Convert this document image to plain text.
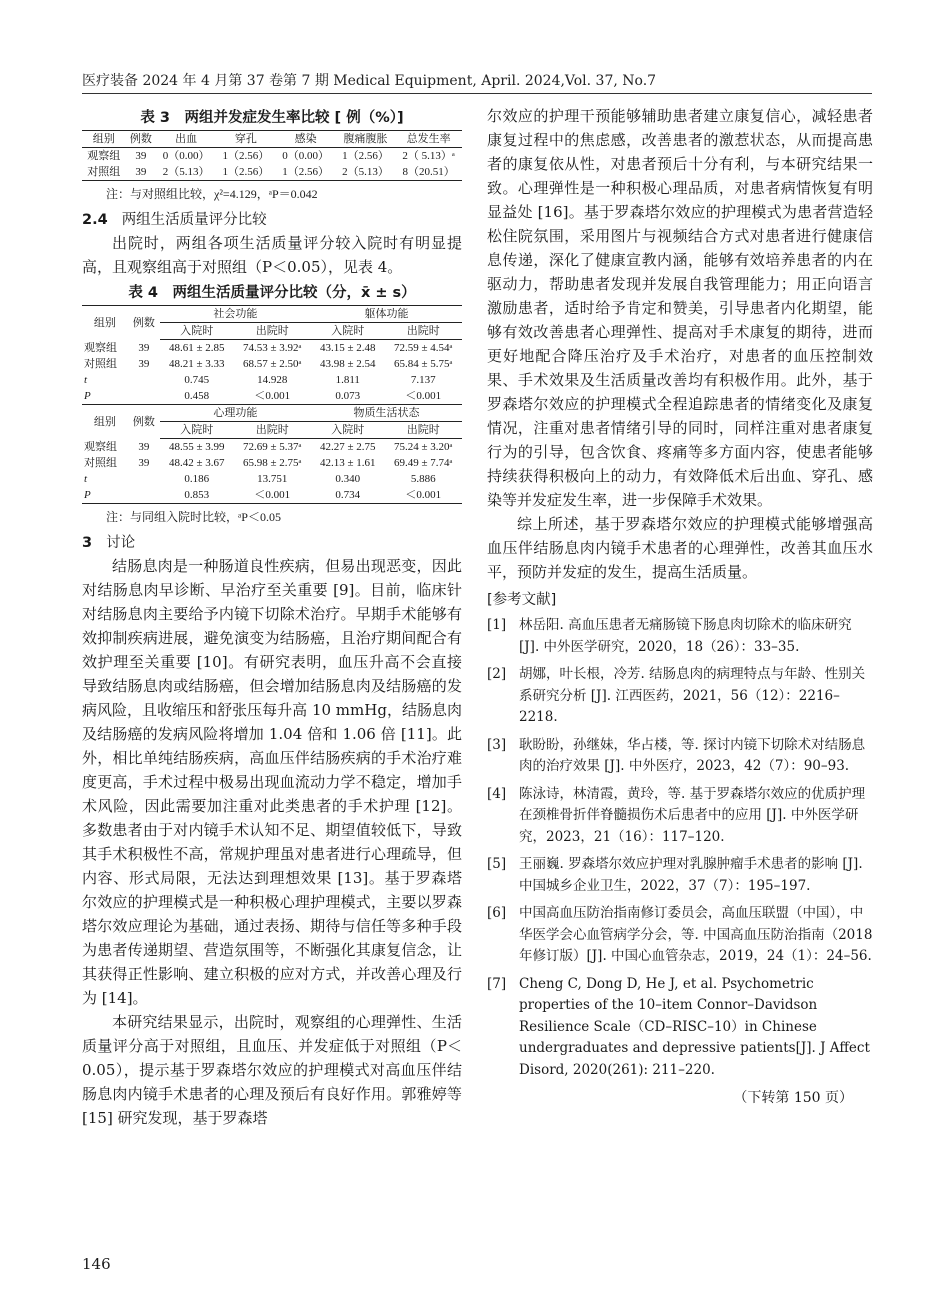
医疗装备 2024 年 4 月第 37 卷第 7 期 Medical Equipment, April. 2024,Vol. 37, No.7
表 3　两组并发症发生率比较 [ 例（%）]
组别	例数	出血	穿孔	感染	腹痛腹胀	总发生率
观察组	39	0（0.00）	1（2.56）	0（0.00）	1（2.56）	2（ 5.13）ᵃ
对照组	39	2（5.13）	1（2.56）	1（2.56）	2（5.13）	8（20.51）
注：与对照组比较，χ²=4.129，ᵃP＝0.042
2.4 两组生活质量评分比较

出院时，两组各项生活质量评分较入院时有明显提高，且观察组高于对照组（P＜0.05），见表 4。

表 4　两组生活质量评分比较（分，x̄ ± s）
组别	例数	社会功能		躯体功能	
		入院时	出院时	入院时	出院时
观察组	39	48.61 ± 2.85	74.53 ± 3.92ᵃ	43.15 ± 2.48	72.59 ± 4.54ᵃ
对照组	39	48.21 ± 3.33	68.57 ± 2.50ᵃ	43.98 ± 2.54	65.84 ± 5.75ᵃ
t		0.745	14.928	1.811	7.137
P		0.458	＜0.001	0.073	＜0.001
组别	例数	心理功能		物质生活状态	
		入院时	出院时	入院时	出院时
观察组	39	48.55 ± 3.99	72.69 ± 5.37ᵃ	42.27 ± 2.75	75.24 ± 3.20ᵃ
对照组	39	48.42 ± 3.67	65.98 ± 2.75ᵃ	42.13 ± 1.61	69.49 ± 7.74ᵃ
t		0.186	13.751	0.340	5.886
P		0.853	＜0.001	0.734	＜0.001
注：与同组入院时比较，ᵃP＜0.05
3 讨论

结肠息肉是一种肠道良性疾病，但易出现恶变，因此对结肠息肉早诊断、早治疗至关重要 [9]。目前，临床针对结肠息肉主要给予内镜下切除术治疗。早期手术能够有效抑制疾病进展，避免演变为结肠癌，且治疗期间配合有效护理至关重要 [10]。有研究表明，血压升高不会直接导致结肠息肉或结肠癌，但会增加结肠息肉及结肠癌的发病风险，且收缩压和舒张压每升高 10 mmHg，结肠息肉及结肠癌的发病风险将增加 1.04 倍和 1.06 倍 [11]。此外，相比单纯结肠疾病，高血压伴结肠疾病的手术治疗难度更高，手术过程中极易出现血流动力学不稳定，增加手术风险，因此需要加注重对此类患者的手术护理 [12]。多数患者由于对内镜手术认知不足、期望值较低下，导致其手术积极性不高，常规护理虽对患者进行心理疏导，但内容、形式局限，无法达到理想效果 [13]。基于罗森塔尔效应的护理模式是一种积极心理护理模式，主要以罗森塔尔效应理论为基础，通过表扬、期待与信任等多种手段为患者传递期望、营造氛围等，不断强化其康复信念，让其获得正性影响、建立积极的应对方式，并改善心理及行为 [14]。

本研究结果显示，出院时，观察组的心理弹性、生活质量评分高于对照组，且血压、并发症低于对照组（P＜0.05），提示基于罗森塔尔效应的护理模式对高血压伴结肠息肉内镜手术患者的心理及预后有良好作用。郭雅婷等 [15] 研究发现，基于罗森塔

尔效应的护理干预能够辅助患者建立康复信心，减轻患者康复过程中的焦虑感，改善患者的激惹状态，从而提高患者的康复依从性，对患者预后十分有利，与本研究结果一致。心理弹性是一种积极心理品质，对患者病情恢复有明显益处 [16]。基于罗森塔尔效应的护理模式为患者营造轻松住院氛围，采用图片与视频结合方式对患者进行健康信息传递，深化了健康宣教内涵，能够有效培养患者的内在驱动力，帮助患者发现并发展自我管理能力；用正向语言激励患者，适时给予肯定和赞美，引导患者内化期望，能够有效改善患者心理弹性、提高对手术康复的期待，进而更好地配合降压治疗及手术治疗，对患者的血压控制效果、手术效果及生活质量改善均有积极作用。此外，基于罗森塔尔效应的护理模式全程追踪患者的情绪变化及康复情况，注重对患者情绪引导的同时，同样注重对患者康复行为的引导，包含饮食、疼痛等多方面内容，使患者能够持续获得积极向上的动力，有效降低术后出血、穿孔、感染等并发症发生率，进一步保障手术效果。

综上所述，基于罗森塔尔效应的护理模式能够增强高血压伴结肠息肉内镜手术患者的心理弹性，改善其血压水平，预防并发症的发生，提高生活质量。

[参考文献]
[1] 林岳阳. 高血压患者无痛肠镜下肠息肉切除术的临床研究 [J]. 中外医学研究，2020，18（26）：33–35.
[2] 胡娜，叶长根，冷芳. 结肠息肉的病理特点与年龄、性别关系研究分析 [J]. 江西医药，2021，56（12）：2216–2218.
[3] 耿盼盼，孙继妹，华占楼，等. 探讨内镜下切除术对结肠息肉的治疗效果 [J]. 中外医疗，2023，42（7）：90–93.
[4] 陈泳诗，林清霞，黄玲，等. 基于罗森塔尔效应的优质护理在颈椎骨折伴脊髓损伤术后患者中的应用 [J]. 中外医学研究，2023，21（16）：117–120.
[5] 王丽巍. 罗森塔尔效应护理对乳腺肿瘤手术患者的影响 [J]. 中国城乡企业卫生，2022，37（7）：195–197.
[6] 中国高血压防治指南修订委员会，高血压联盟（中国），中华医学会心血管病学分会，等. 中国高血压防治指南（2018 年修订版）[J]. 中国心血管杂志，2019，24（1）：24–56.
[7] Cheng C, Dong D, He J, et al. Psychometric properties of the 10–item Connor–Davidson Resilience Scale（CD–RISC–10）in Chinese undergraduates and depressive patients[J]. J Affect Disord, 2020(261): 211–220.
（下转第 150 页）
146
